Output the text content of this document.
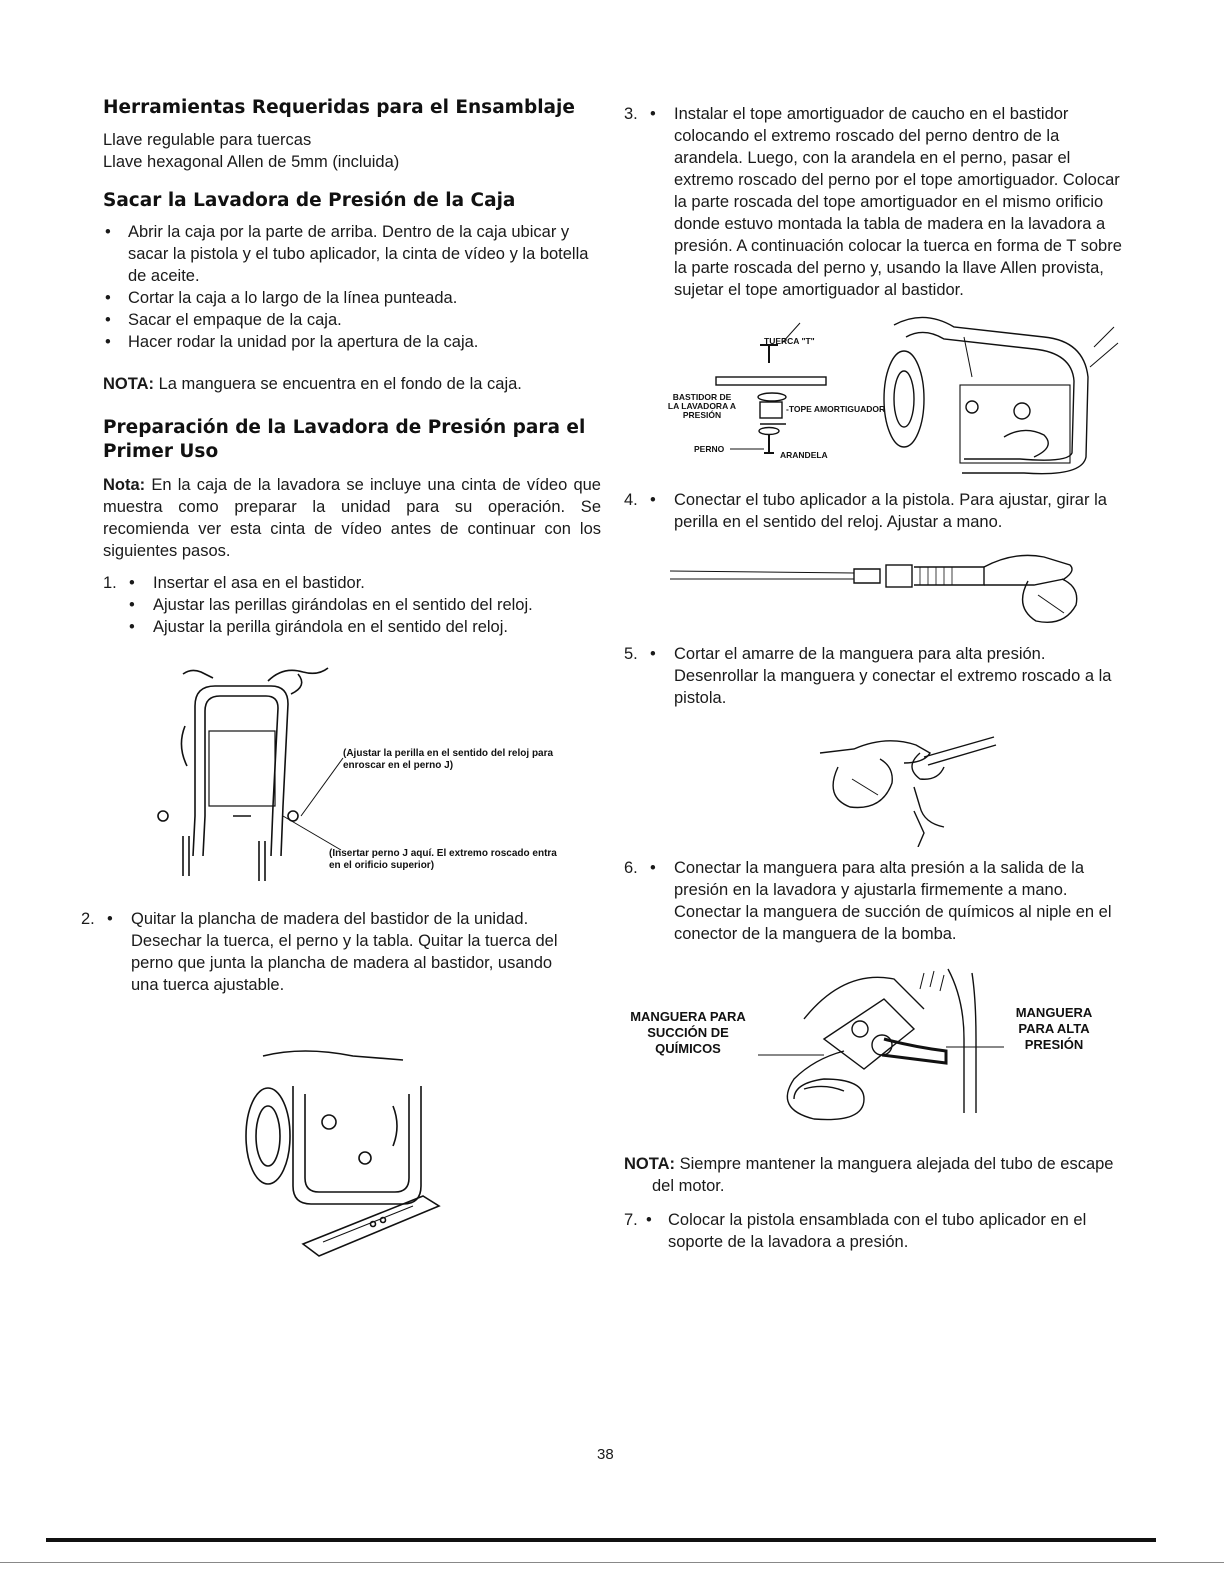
Herramientas Requeridas para el Ensamblaje

Llave regulable para tuercas

Llave hexagonal Allen de 5mm (incluida)

Sacar la Lavadora de Presión de la Caja
• Abrir la caja por la parte de arriba. Dentro de la caja ubicar y sacar la pistola y el tubo aplicador, la cinta de vídeo y la botella de aceite.
• Cortar la caja a lo largo de la línea punteada.
• Sacar el empaque de la caja.
• Hacer rodar la unidad por la apertura de la caja.

NOTA: La manguera se encuentra en el fondo de la caja.

Preparación de la Lavadora de Presión para el Primer Uso

Nota: En la caja de la lavadora se incluye una cinta de vídeo que muestra como preparar la unidad para su operación. Se recomienda ver esta cinta de vídeo antes de continuar con los siguientes pasos.

1. • Insertar el asa en el bastidor.
• Ajustar las perillas girándolas en el sentido del reloj.
• Ajustar la perilla girándola en el sentido del reloj.
(Ajustar la perilla en el sentido del reloj para enroscar en el perno J)
(Insertar perno J aquí. El extremo roscado entra en el orificio superior)
2. • Quitar la plancha de madera del bastidor de la unidad. Desechar la tuerca, el perno y la tabla. Quitar la tuerca del perno que junta la plancha de madera al bastidor, usando una tuerca ajustable.
3. • Instalar el tope amortiguador de caucho en el bastidor colocando el extremo roscado del perno dentro de la arandela. Luego, con la arandela en el perno, pasar el extremo roscado del perno por el tope amortiguador. Colocar la parte roscada del tope amortiguador en el mismo orificio donde estuvo montada la tabla de madera en la lavadora a presión. A continuación colocar la tuerca en forma de T sobre la parte roscada del perno y, usando la llave Allen provista, sujetar el tope amortiguador al bastidor.
TUERCA "T"
BASTIDOR DE LA LAVADORA A PRESIÓN
-TOPE AMORTIGUADOR
PERNO
ARANDELA
4. • Conectar el tubo aplicador a la pistola. Para ajustar, girar la perilla en el sentido del reloj. Ajustar a mano.
5. • Cortar el amarre de la manguera para alta presión. Desenrollar la manguera y conectar el extremo roscado a la pistola.
6. • Conectar la manguera para alta presión a la salida de la presión en la lavadora y ajustarla firmemente a mano. Conectar la manguera de succión de químicos al niple en el conector de la manguera de la bomba.
MANGUERA PARA SUCCIÓN DE QUÍMICOS
MANGUERA PARA ALTA PRESIÓN

NOTA: Siempre mantener la manguera alejada del tubo de escape del motor.

7. • Colocar la pistola ensamblada con el tubo aplicador en el soporte de la lavadora a presión.
38
